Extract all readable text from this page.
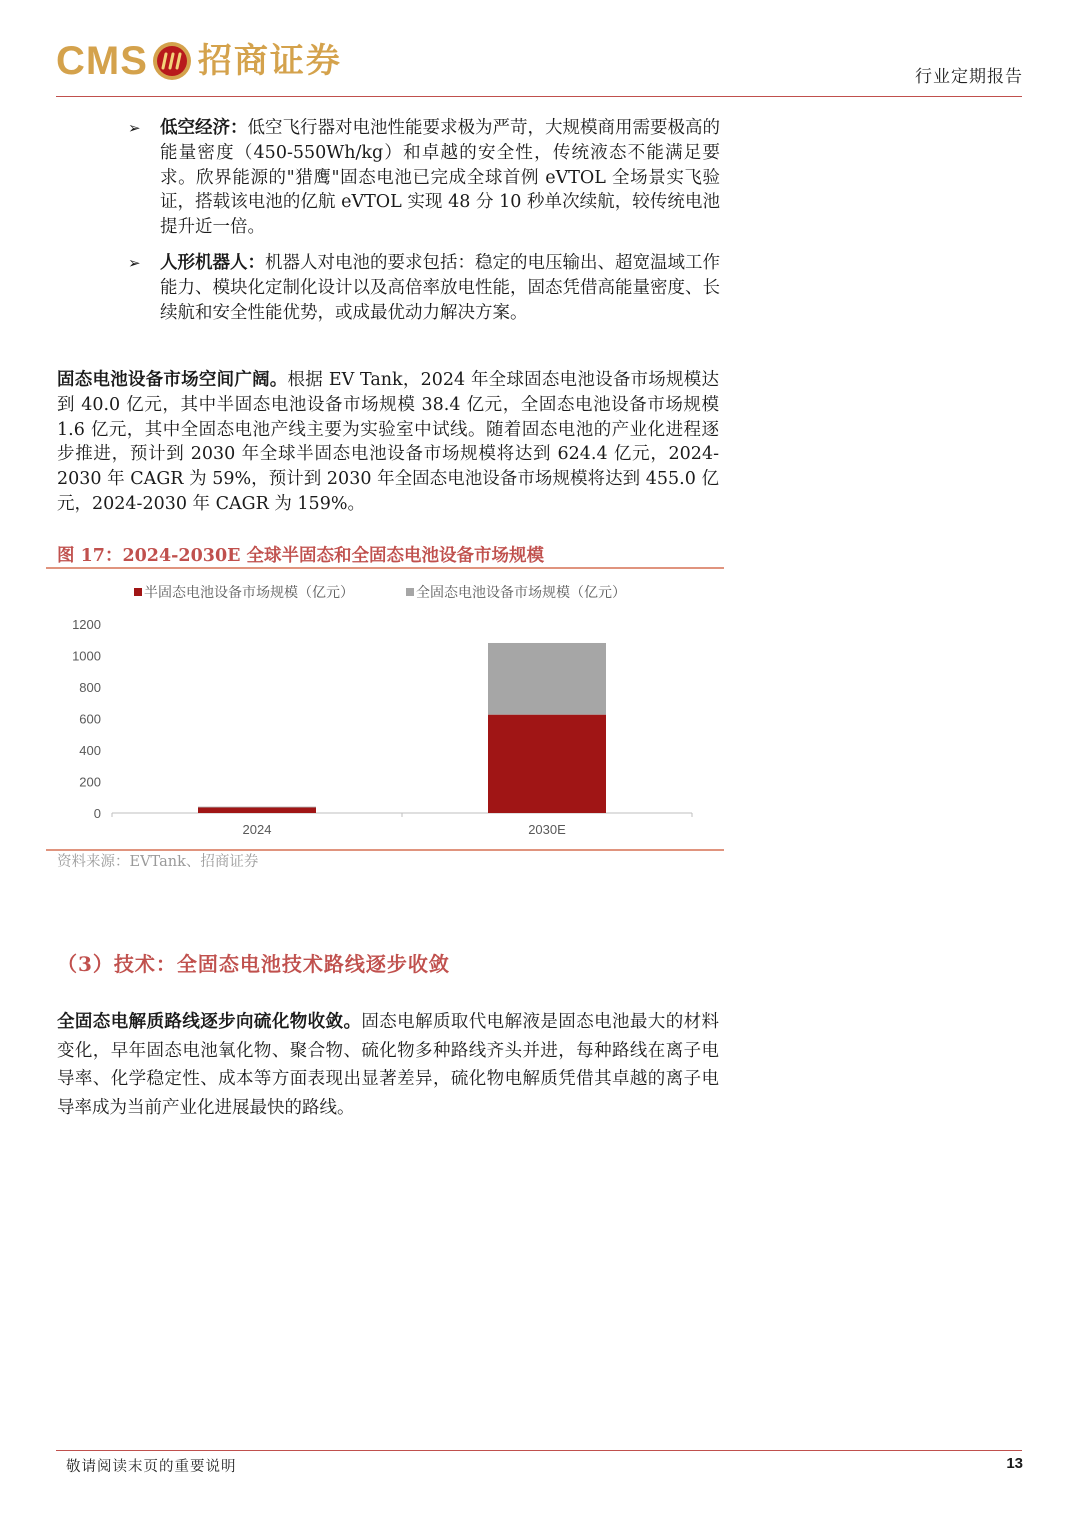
CMS 招商证券	行业定期报告
➢ 低空经济：低空飞行器对电池性能要求极为严苛，大规模商用需要极高的能量密度（450-550Wh/kg）和卓越的安全性，传统液态不能满足要求。欣界能源的"猎鹰"固态电池已完成全球首例 eVTOL 全场景实飞验证，搭载该电池的亿航 eVTOL 实现 48 分 10 秒单次续航，较传统电池提升近一倍。
➢ 人形机器人：机器人对电池的要求包括：稳定的电压输出、超宽温域工作能力、模块化定制化设计以及高倍率放电性能，固态凭借高能量密度、长续航和安全性能优势，或成最优动力解决方案。
固态电池设备市场空间广阔。根据 EV Tank，2024 年全球固态电池设备市场规模达到 40.0 亿元，其中半固态电池设备市场规模 38.4 亿元，全固态电池设备市场规模 1.6 亿元，其中全固态电池产线主要为实验室中试线。随着固态电池的产业化进程逐步推进，预计到 2030 年全球半固态电池设备市场规模将达到 624.4 亿元，2024-2030 年 CAGR 为 59%，预计到 2030 年全固态电池设备市场规模将达到 455.0 亿元，2024-2030 年 CAGR 为 159%。
图 17：2024-2030E 全球半固态和全固态电池设备市场规模
半固态电池设备市场规模（亿元）	全固态电池设备市场规模（亿元）
0
200
400
600
800
1000
1200
2024	2030E
资料来源：EVTank、招商证券
（3）技术：全固态电池技术路线逐步收敛
全固态电解质路线逐步向硫化物收敛。固态电解质取代电解液是固态电池最大的材料变化，早年固态电池氧化物、聚合物、硫化物多种路线齐头并进，每种路线在离子电导率、化学稳定性、成本等方面表现出显著差异，硫化物电解质凭借其卓越的离子电导率成为当前产业化进展最快的路线。
敬请阅读末页的重要说明	13
